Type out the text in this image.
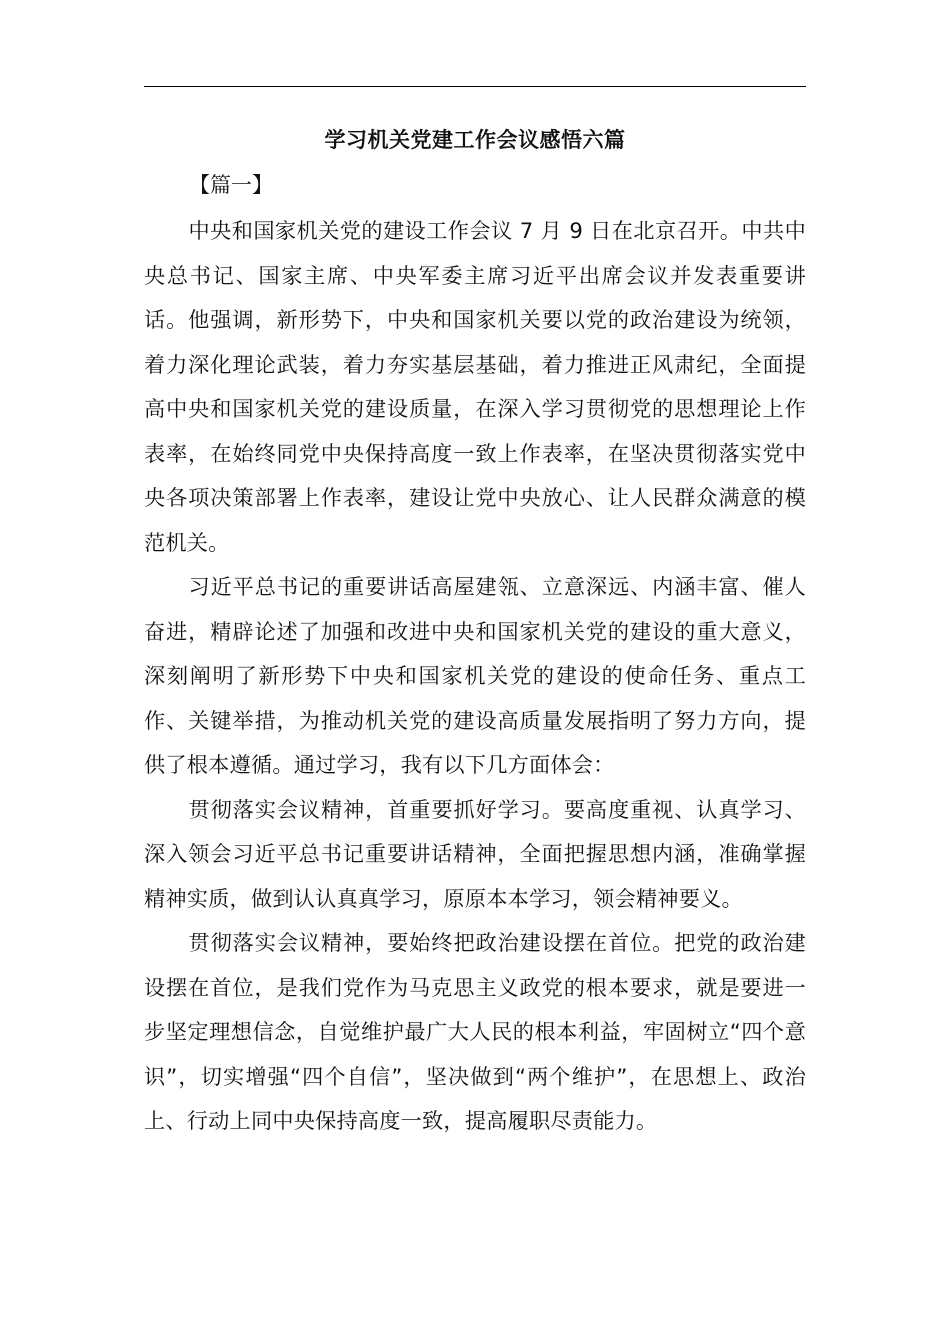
学习机关党建工作会议感悟六篇
【篇一】

中央和国家机关党的建设工作会议 7 月 9 日在北京召开。中共中央总书记、国家主席、中央军委主席习近平出席会议并发表重要讲话。他强调，新形势下，中央和国家机关要以党的政治建设为统领，着力深化理论武装，着力夯实基层基础，着力推进正风肃纪，全面提高中央和国家机关党的建设质量，在深入学习贯彻党的思想理论上作表率，在始终同党中央保持高度一致上作表率，在坚决贯彻落实党中央各项决策部署上作表率，建设让党中央放心、让人民群众满意的模范机关。

习近平总书记的重要讲话高屋建瓴、立意深远、内涵丰富、催人奋进，精辟论述了加强和改进中央和国家机关党的建设的重大意义，深刻阐明了新形势下中央和国家机关党的建设的使命任务、重点工作、关键举措，为推动机关党的建设高质量发展指明了努力方向，提供了根本遵循。通过学习，我有以下几方面体会：

贯彻落实会议精神，首重要抓好学习。要高度重视、认真学习、深入领会习近平总书记重要讲话精神，全面把握思想内涵，准确掌握精神实质，做到认认真真学习，原原本本学习，领会精神要义。

贯彻落实会议精神，要始终把政治建设摆在首位。把党的政治建设摆在首位，是我们党作为马克思主义政党的根本要求，就是要进一步坚定理想信念，自觉维护最广大人民的根本利益，牢固树立“四个意识”，切实增强“四个自信”，坚决做到“两个维护”，在思想上、政治上、行动上同中央保持高度一致，提高履职尽责能力。
